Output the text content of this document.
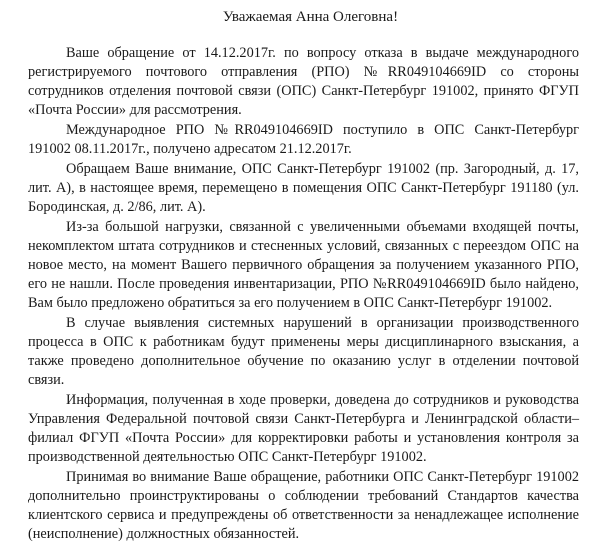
Уважаемая Анна Олеговна!

Ваше обращение от 14.12.2017г. по вопросу отказа в выдаче международного регистрируемого почтового отправления (РПО) №RR049104669ID со стороны сотрудников отделения почтовой связи (ОПС) Санкт-Петербург 191002, принято ФГУП «Почта России» для рассмотрения.

Международное РПО №RR049104669ID поступило в ОПС Санкт-Петербург 191002 08.11.2017г., получено адресатом 21.12.2017г.

Обращаем Ваше внимание, ОПС Санкт-Петербург 191002 (пр. Загородный, д. 17, лит. А), в настоящее время, перемещено в помещения ОПС Санкт-Петербург 191180 (ул. Бородинская, д. 2/86, лит. А).

Из-за большой нагрузки, связанной с увеличенными объемами входящей почты, некомплектом штата сотрудников и стесненных условий, связанных с переездом ОПС на новое место, на момент Вашего первичного обращения за получением указанного РПО, его не нашли. После проведения инвентаризации, РПО №RR049104669ID было найдено, Вам было предложено обратиться за его получением в ОПС Санкт-Петербург 191002.

В случае выявления системных нарушений в организации производственного процесса в ОПС к работникам будут применены меры дисциплинарного взыскания, а также проведено дополнительное обучение по оказанию услуг в отделении почтовой связи.

Информация, полученная в ходе проверки, доведена до сотрудников и руководства Управления Федеральной почтовой связи Санкт-Петербурга и Ленинградской области– филиал ФГУП «Почта России» для корректировки работы и установления контроля за производственной деятельностью ОПС Санкт-Петербург 191002.

Принимая во внимание Ваше обращение, работники ОПС Санкт-Петербург 191002 дополнительно проинструктированы о соблюдении требований Стандартов качества клиентского сервиса и предупреждены об ответственности за ненадлежащее исполнение (неисполнение) должностных обязанностей.
